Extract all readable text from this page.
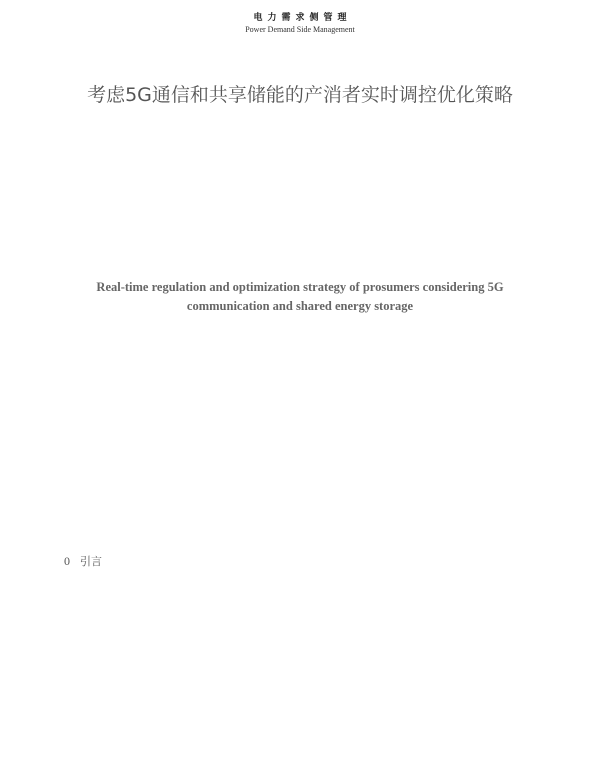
电力需求侧管理
Power Demand Side Management
考虑5G通信和共享储能的产消者实时调控优化策略
Real-time regulation and optimization strategy of prosumers considering 5G communication and shared energy storage
0 引言
